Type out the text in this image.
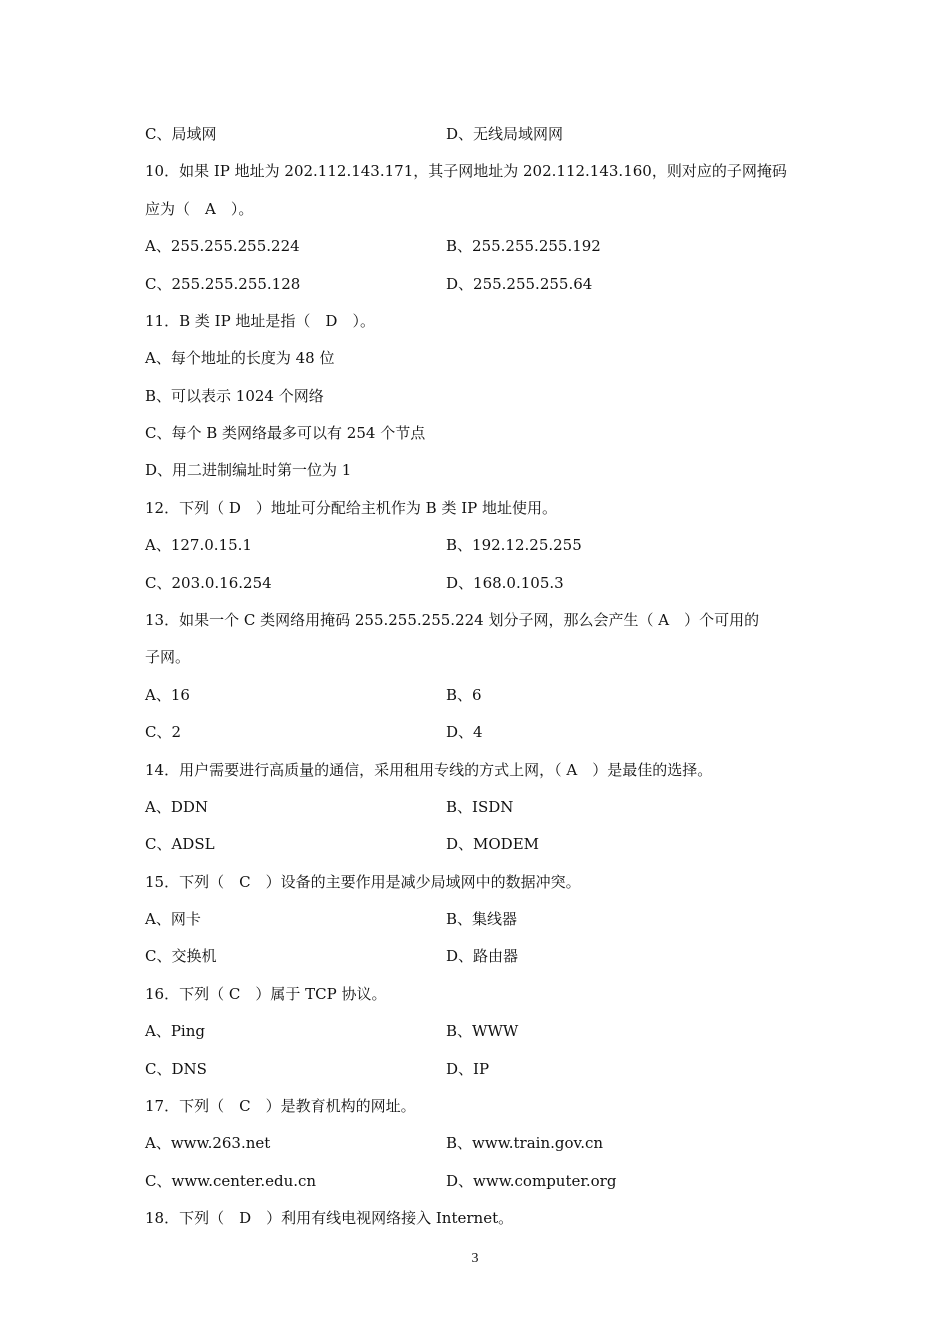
C、局域网	D、无线局域网网
10．如果 IP 地址为 202.112.143.171，其子网地址为 202.112.143.160，则对应的子网掩码
应为（　A　）。
A、255.255.255.224	B、255.255.255.192
C、255.255.255.128	D、255.255.255.64
11．B 类 IP 地址是指（　D　）。
A、每个地址的长度为 48 位
B、可以表示 1024 个网络
C、每个 B 类网络最多可以有 254 个节点
D、用二进制编址时第一位为 1
12．下列（ D　）地址可分配给主机作为 B 类 IP 地址使用。
A、127.0.15.1	B、192.12.25.255
C、203.0.16.254	D、168.0.105.3
13．如果一个 C 类网络用掩码 255.255.255.224 划分子网，那么会产生（ A　）个可用的
子网。
A、16	B、6
C、2	D、4
14．用户需要进行高质量的通信，采用租用专线的方式上网，（ A　）是最佳的选择。
A、DDN	B、ISDN
C、ADSL	D、MODEM
15．下列（　C　）设备的主要作用是减少局域网中的数据冲突。
A、网卡	B、集线器
C、交换机	D、路由器
16．下列（ C　）属于 TCP 协议。
A、Ping	B、WWW
C、DNS	D、IP
17．下列（　C　）是教育机构的网址。
A、www.263.net	B、www.train.gov.cn
C、www.center.edu.cn	D、www.computer.org
18．下列（　D　）利用有线电视网络接入 Internet。
3
